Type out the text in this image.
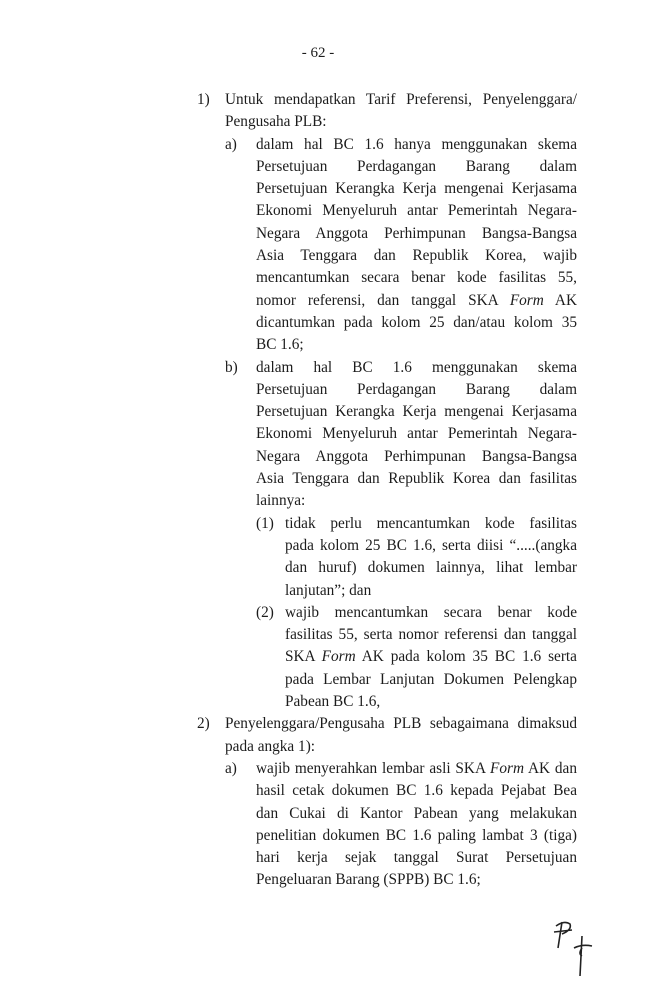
- 62 -
1) Untuk mendapatkan Tarif Preferensi, Penyelenggara/
Pengusaha PLB:
a) dalam hal BC 1.6 hanya menggunakan skema
Persetujuan Perdagangan Barang dalam
Persetujuan Kerangka Kerja mengenai Kerjasama
Ekonomi Menyeluruh antar Pemerintah Negara-
Negara Anggota Perhimpunan Bangsa-Bangsa
Asia Tenggara dan Republik Korea, wajib
mencantumkan secara benar kode fasilitas 55,
nomor referensi, dan tanggal SKA Form AK
dicantumkan pada kolom 25 dan/atau kolom 35
BC 1.6;
b) dalam hal BC 1.6 menggunakan skema
Persetujuan Perdagangan Barang dalam
Persetujuan Kerangka Kerja mengenai Kerjasama
Ekonomi Menyeluruh antar Pemerintah Negara-
Negara Anggota Perhimpunan Bangsa-Bangsa
Asia Tenggara dan Republik Korea dan fasilitas
lainnya:
(1) tidak perlu mencantumkan kode fasilitas
pada kolom 25 BC 1.6, serta diisi “.....(angka
dan huruf) dokumen lainnya, lihat lembar
lanjutan”; dan
(2) wajib mencantumkan secara benar kode
fasilitas 55, serta nomor referensi dan tanggal
SKA Form AK pada kolom 35 BC 1.6 serta
pada Lembar Lanjutan Dokumen Pelengkap
Pabean BC 1.6,
2) Penyelenggara/Pengusaha PLB sebagaimana dimaksud
pada angka 1):
a) wajib menyerahkan lembar asli SKA Form AK dan
hasil cetak dokumen BC 1.6 kepada Pejabat Bea
dan Cukai di Kantor Pabean yang melakukan
penelitian dokumen BC 1.6 paling lambat 3 (tiga)
hari kerja sejak tanggal Surat Persetujuan
Pengeluaran Barang (SPPB) BC 1.6;
